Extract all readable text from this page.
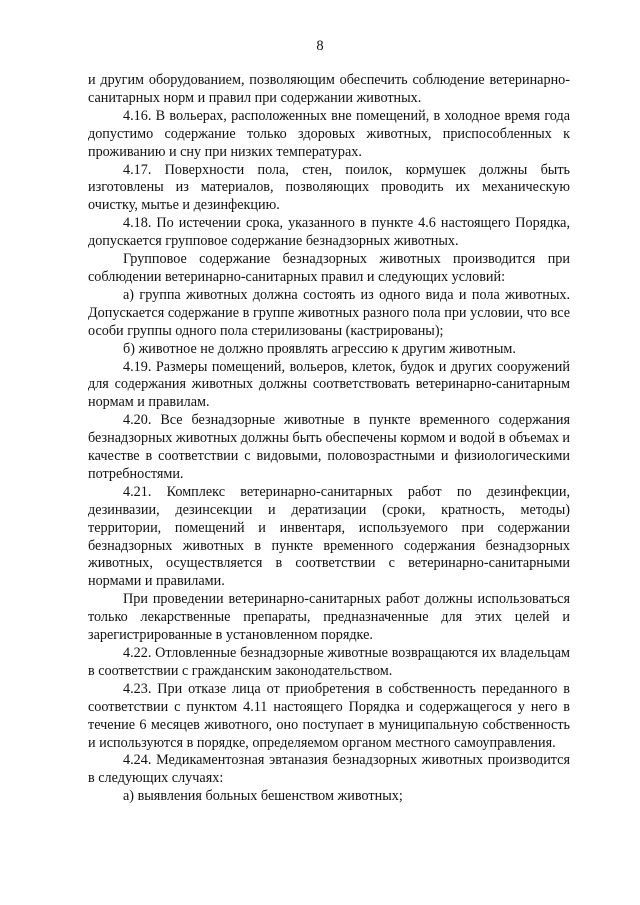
8

и другим оборудованием, позволяющим обеспечить соблюдение ветеринарно-санитарных норм и правил при содержании животных.

4.16. В вольерах, расположенных вне помещений, в холодное время года допустимо содержание только здоровых животных, приспособленных к проживанию и сну при низких температурах.

4.17. Поверхности пола, стен, поилок, кормушек должны быть изготовлены из материалов, позволяющих проводить их механическую очистку, мытье и дезинфекцию.

4.18. По истечении срока, указанного в пункте 4.6 настоящего Порядка, допускается групповое содержание безнадзорных животных.

Групповое содержание безнадзорных животных производится при соблюдении ветеринарно-санитарных правил и следующих условий:

а) группа животных должна состоять из одного вида и пола животных. Допускается содержание в группе животных разного пола при условии, что все особи группы одного пола стерилизованы (кастрированы);

б) животное не должно проявлять агрессию к другим животным.

4.19. Размеры помещений, вольеров, клеток, будок и других сооружений для содержания животных должны соответствовать ветеринарно-санитарным нормам и правилам.

4.20. Все безнадзорные животные в пункте временного содержания безнадзорных животных должны быть обеспечены кормом и водой в объемах и качестве в соответствии с видовыми, половозрастными и физиологическими потребностями.

4.21. Комплекс ветеринарно-санитарных работ по дезинфекции, дезинвазии, дезинсекции и дератизации (сроки, кратность, методы) территории, помещений и инвентаря, используемого при содержании безнадзорных животных в пункте временного содержания безнадзорных животных, осуществляется в соответствии с ветеринарно-санитарными нормами и правилами.

При проведении ветеринарно-санитарных работ должны использоваться только лекарственные препараты, предназначенные для этих целей и зарегистрированные в установленном порядке.

4.22. Отловленные безнадзорные животные возвращаются их владельцам в соответствии с гражданским законодательством.

4.23. При отказе лица от приобретения в собственность переданного в соответствии с пунктом 4.11 настоящего Порядка и содержащегося у него в течение 6 месяцев животного, оно поступает в муниципальную собственность и используются в порядке, определяемом органом местного самоуправления.

4.24. Медикаментозная эвтаназия безнадзорных животных производится в следующих случаях:

а) выявления больных бешенством животных;
